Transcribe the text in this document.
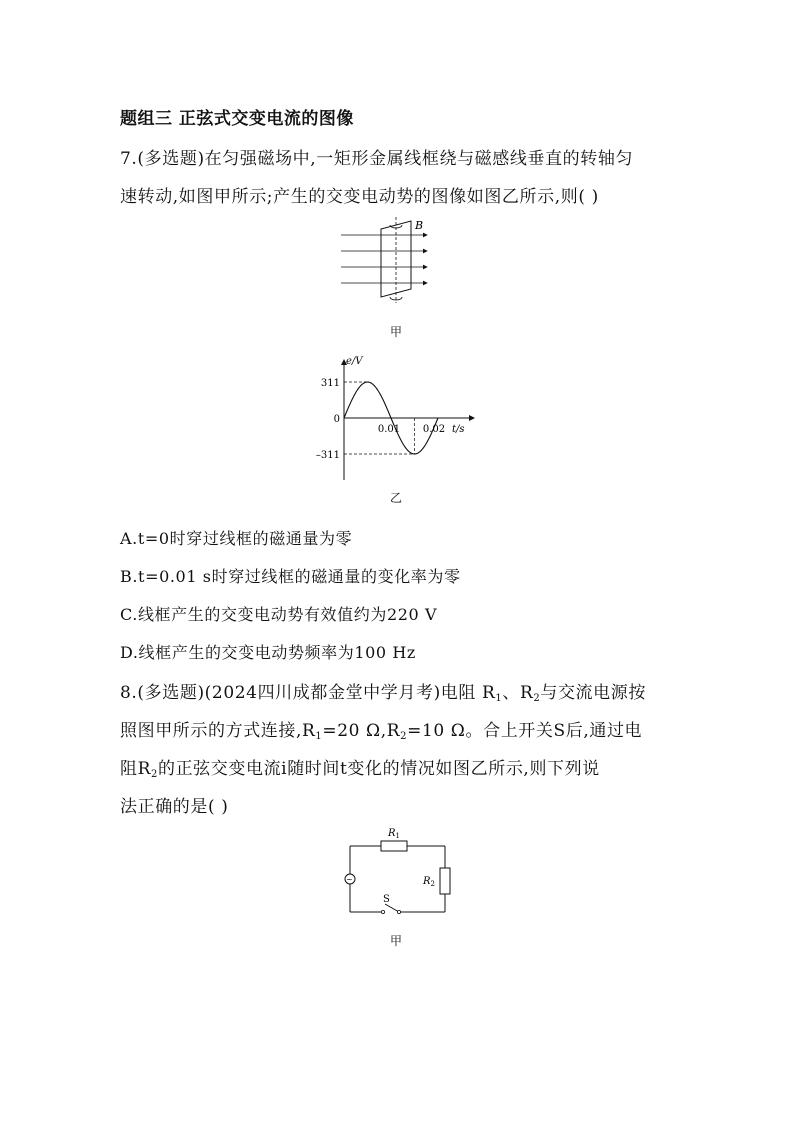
题组三 正弦式交变电流的图像
7.(多选题)在匀强磁场中,一矩形金属线框绕与磁感线垂直的转轴匀
速转动,如图甲所示;产生的交变电动势的图像如图乙所示,则( )
B
甲
e/V
311
0
–311
0.01 0.02 t/s
乙
A.t=0时穿过线框的磁通量为零
B.t=0.01 s时穿过线框的磁通量的变化率为零
C.线框产生的交变电动势有效值约为220 V
D.线框产生的交变电动势频率为100 Hz
8.(多选题)(2024四川成都金堂中学月考)电阻 $R_1$、$R_2$与交流电源按
照图甲所示的方式连接$,R_1=20$ $\Omega,R_2=10$ Ω。合上开关S后,通过电
阻$R_2$的正弦交变电流i随时间t变化的情况如图乙所示,则下列说
法正确的是( )
~
$R_1$
$R_2$
S
甲
